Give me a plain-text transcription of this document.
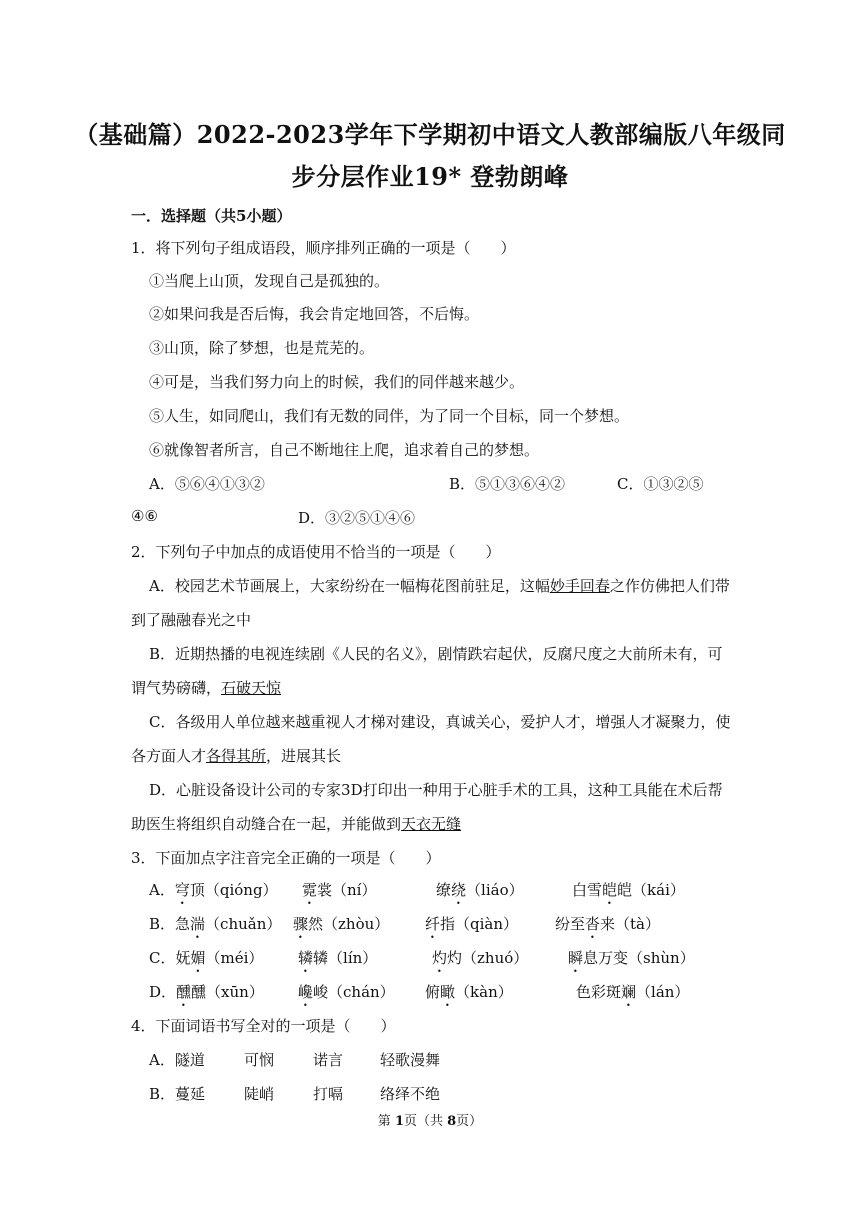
（基础篇）2022-2023学年下学期初中语文人教部编版八年级同
步分层作业19* 登勃朗峰
一．选择题（共5小题）
1．将下列句子组成语段，顺序排列正确的一项是（　　）
①当爬上山顶，发现自己是孤独的。
②如果问我是否后悔，我会肯定地回答，不后悔。
③山顶，除了梦想，也是荒芜的。
④可是，当我们努力向上的时候，我们的同伴越来越少。
⑤人生，如同爬山，我们有无数的同伴，为了同一个目标，同一个梦想。
⑥就像智者所言，自己不断地往上爬，追求着自己的梦想。
A．⑤⑥④①③②	B．⑤①③⑥④②	C．①③②⑤
④⑥	D．③②⑤①④⑥
2．下列句子中加点的成语使用不恰当的一项是（　　）
A．校园艺术节画展上，大家纷纷在一幅梅花图前驻足，这幅妙手回春之作仿佛把人们带
到了融融春光之中
B．近期热播的电视连续剧《人民的名义》，剧情跌宕起伏，反腐尺度之大前所未有，可
谓气势磅礴，石破天惊
C．各级用人单位越来越重视人才梯对建设，真诚关心，爱护人才，增强人才凝聚力，使
各方面人才各得其所，进展其长
D．心脏设备设计公司的专家3D打印出一种用于心脏手术的工具，这种工具能在术后帮
助医生将组织自动缝合在一起，并能做到天衣无缝
3．下面加点字注音完全正确的一项是（　　）
A．穹顶（qióng） 霓裳（ní）	缭绕（liáo）	白雪皑皑（kái）
B．急湍（chuǎn） 骤然（zhòu） 纤指（qiàn） 纷至沓来（tà）
C．妩媚（méi） 辚辚（lín）	灼灼（zhuó）	瞬息万变（shùn）
D．醺醺（xūn） 巉峻（chán） 俯瞰（kàn）	色彩斑斓（lán）
4．下面词语书写全对的一项是（　　）
A．隧道	可悯	诺言 轻歌漫舞
B．蔓延	陡峭	打嗝 络绎不绝
第 1页（共 8页）
